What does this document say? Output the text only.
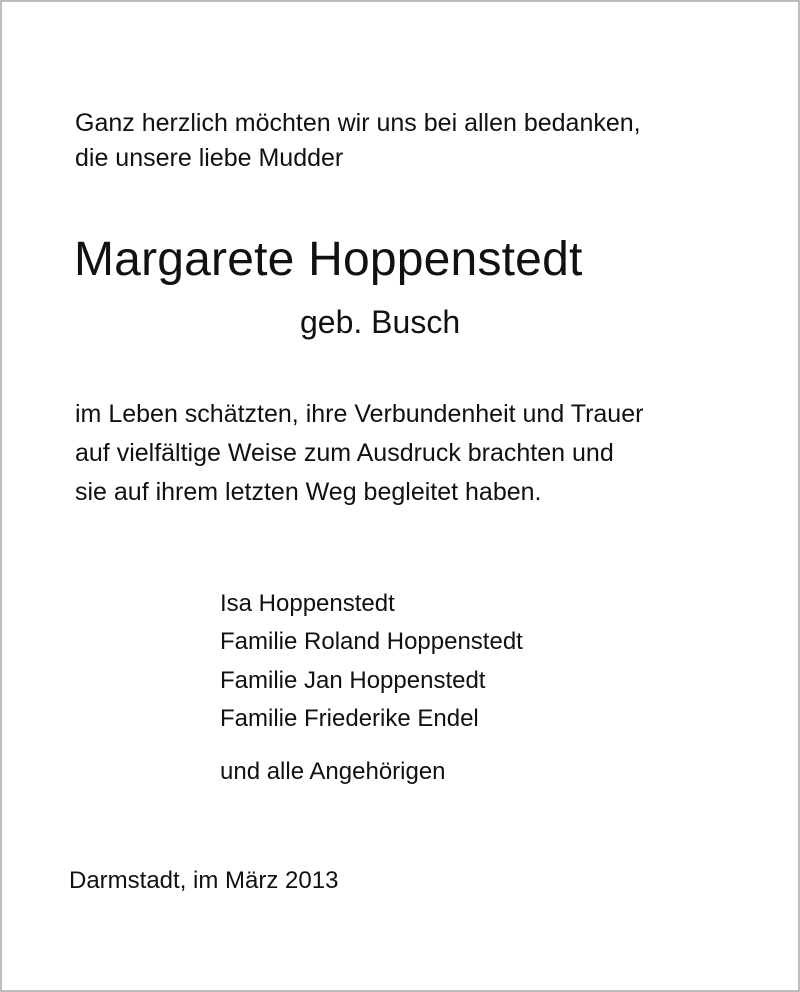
Ganz herzlich möchten wir uns bei allen bedanken,

die unsere liebe Mudder

Margarete Hoppenstedt

geb. Busch

im Leben schätzten, ihre Verbundenheit und Trauer

auf vielfältige Weise zum Ausdruck brachten und

sie auf ihrem letzten Weg begleitet haben.

Isa Hoppenstedt

Familie Roland Hoppenstedt

Familie Jan Hoppenstedt

Familie Friederike Endel

und alle Angehörigen

Darmstadt, im März 2013
